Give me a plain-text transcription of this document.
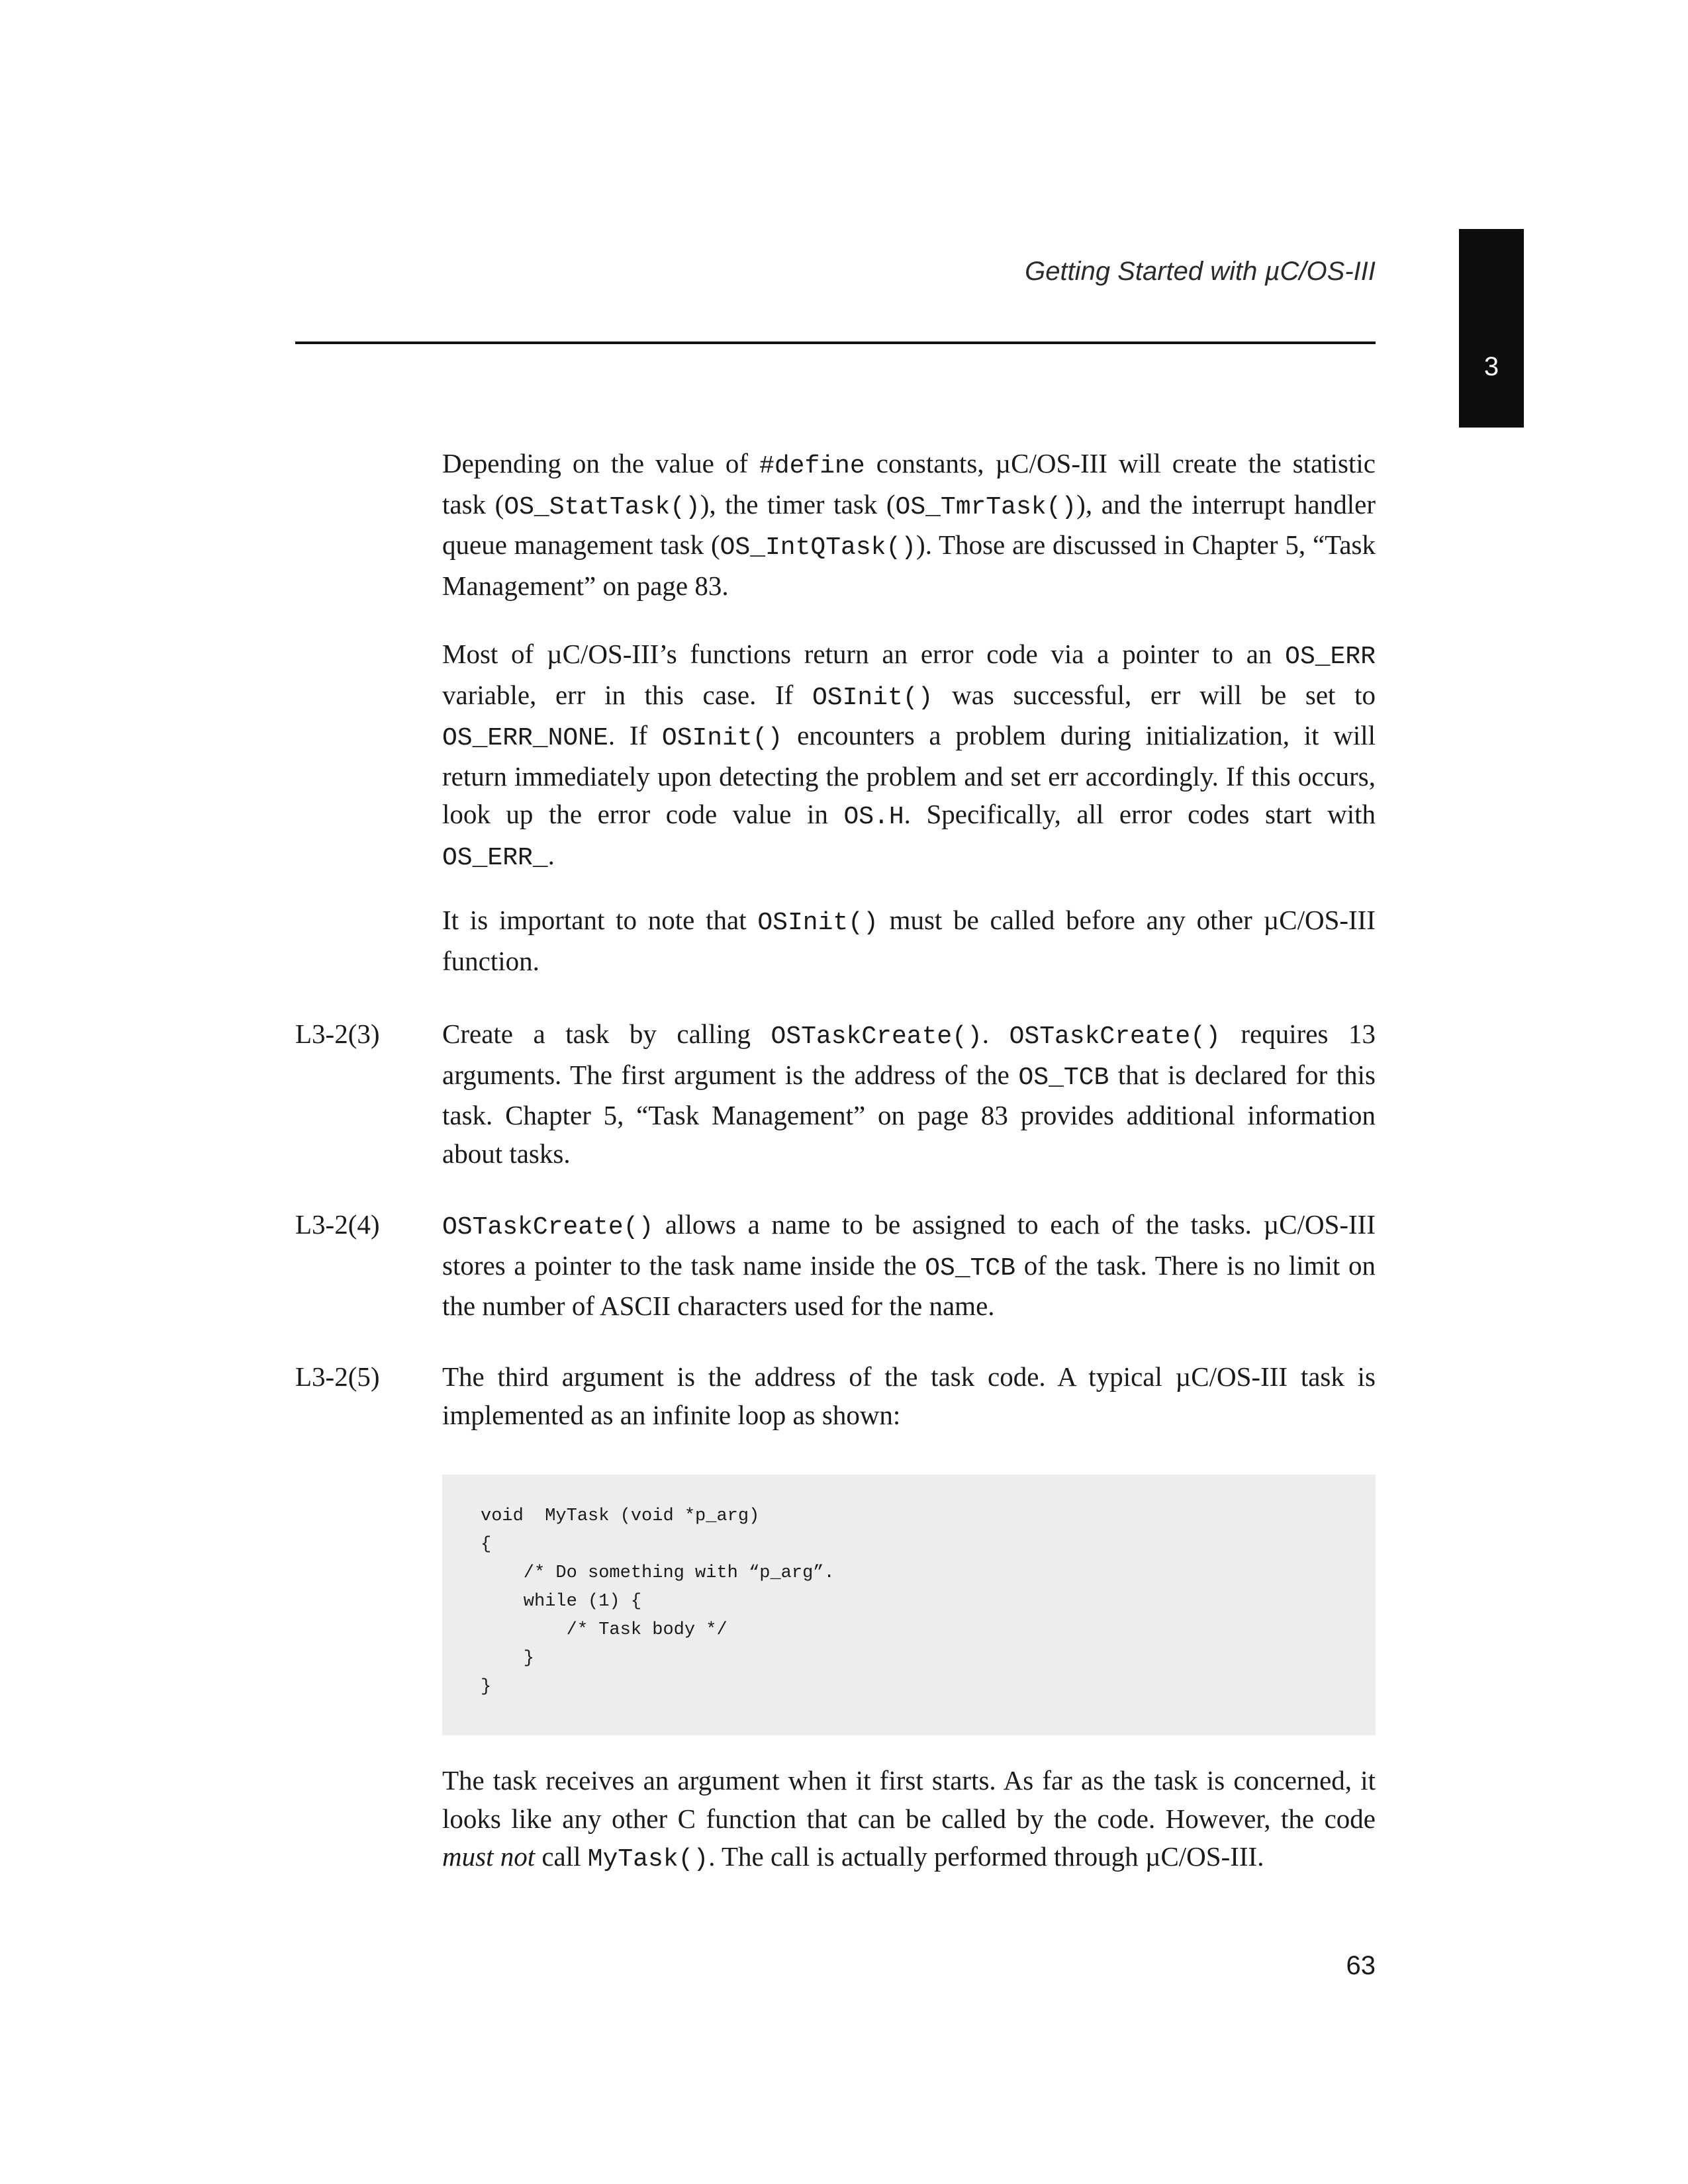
Getting Started with µC/OS-III
3

Depending on the value of #define constants, µC/OS-III will create the statistic task (OS_StatTask()), the timer task (OS_TmrTask()), and the interrupt handler queue management task (OS_IntQTask()). Those are discussed in Chapter 5, “Task Management” on page 83.

Most of µC/OS-III’s functions return an error code via a pointer to an OS_ERR variable, err in this case. If OSInit() was successful, err will be set to OS_ERR_NONE. If OSInit() encounters a problem during initialization, it will return immediately upon detecting the problem and set err accordingly. If this occurs, look up the error code value in OS.H. Specifically, all error codes start with OS_ERR_.

It is important to note that OSInit() must be called before any other µC/OS-III function.

L3-2(3) Create a task by calling OSTaskCreate(). OSTaskCreate() requires 13 arguments. The first argument is the address of the OS_TCB that is declared for this task. Chapter 5, “Task Management” on page 83 provides additional information about tasks.

L3-2(4) OSTaskCreate() allows a name to be assigned to each of the tasks. µC/OS-III stores a pointer to the task name inside the OS_TCB of the task. There is no limit on the number of ASCII characters used for the name.

L3-2(5) The third argument is the address of the task code. A typical µC/OS-III task is implemented as an infinite loop as shown:

void  MyTask (void *p_arg)
{
/* Do something with “p_arg”.
while (1) {
/* Task body */
}
}

The task receives an argument when it first starts. As far as the task is concerned, it looks like any other C function that can be called by the code. However, the code must not call MyTask(). The call is actually performed through µC/OS-III.

63
